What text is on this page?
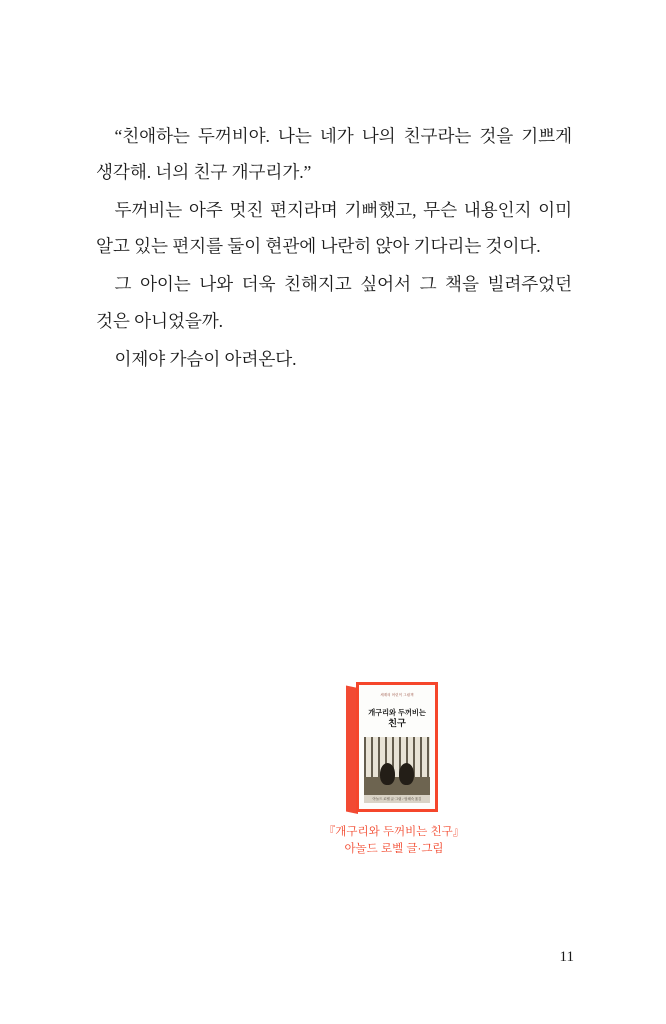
“친애하는 두꺼비야. 나는 네가 나의 친구라는 것을 기쁘게 생각해. 너의 친구 개구리가.”

두꺼비는 아주 멋진 편지라며 기뻐했고, 무슨 내용인지 이미 알고 있는 편지를 둘이 현관에 나란히 앉아 기다리는 것이다.

그 아이는 나와 더욱 친해지고 싶어서 그 책을 빌려주었던 것은 아니었을까.

이제야 가슴이 아려온다.

세계의 어린이 그림책
개구리와 두꺼비는
친구
아놀드 로벨 글·그림 / 엄혜숙 옮김
『개구리와 두꺼비는 친구』
아놀드 로벨 글·그림
11
